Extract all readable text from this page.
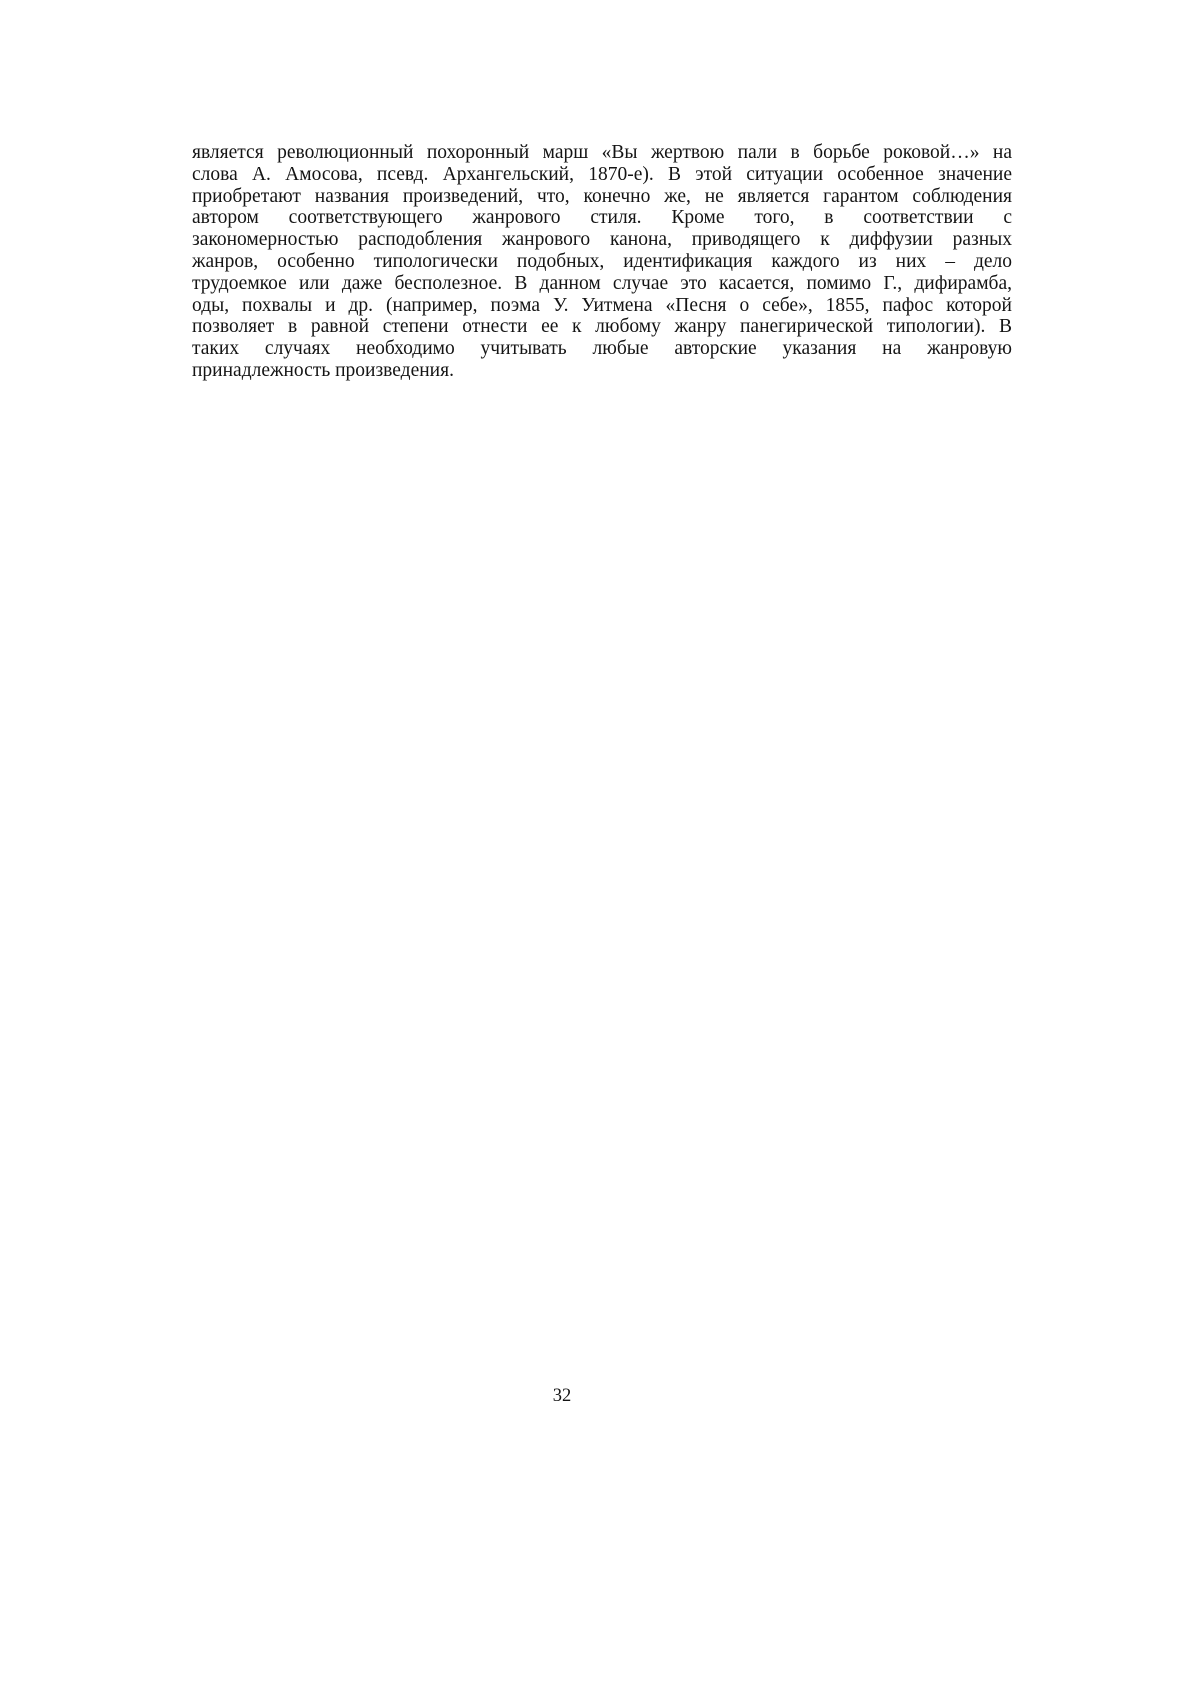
является революционный похоронный марш «Вы жертвою пали в борьбе роковой…» на

слова А. Амосова, псевд. Архангельский, 1870-е). В этой ситуации особенное значение

приобретают названия произведений, что, конечно же, не является гарантом соблюдения

автором соответствующего жанрового стиля. Кроме того, в соответствии с

закономерностью расподобления жанрового канона, приводящего к диффузии разных

жанров, особенно типологически подобных, идентификация каждого из них – дело

трудоемкое или даже бесполезное. В данном случае это касается, помимо Г., дифирамба,

оды, похвалы и др. (например, поэма У. Уитмена «Песня о себе», 1855, пафос которой

позволяет в равной степени отнести ее к любому жанру панегирической типологии). В

таких случаях необходимо учитывать любые авторские указания на жанровую

принадлежность произведения.

32
